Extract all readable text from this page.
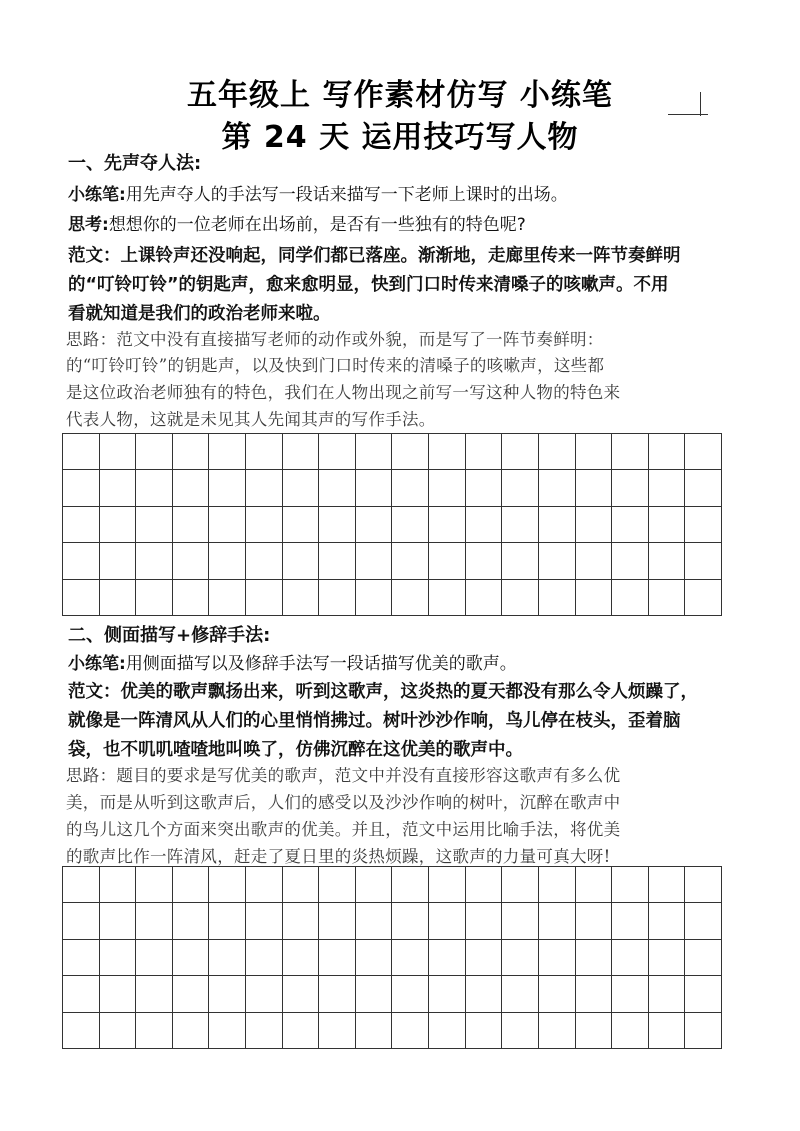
五年级上 写作素材仿写 小练笔
第 24 天 运用技巧写人物
一、先声夺人法:
小练笔:用先声夺人的手法写一段话来描写一下老师上课时的出场。
思考:想想你的一位老师在出场前，是否有一些独有的特色呢?
范文：上课铃声还没响起，同学们都已落座。渐渐地，走廊里传来一阵节奏鲜明
的“叮铃叮铃”的钥匙声，愈来愈明显，快到门口时传来清嗓子的咳嗽声。不用
看就知道是我们的政治老师来啦。
思路：范文中没有直接描写老师的动作或外貌，而是写了一阵节奏鲜明：
的“叮铃叮铃”的钥匙声，以及快到门口时传来的清嗓子的咳嗽声，这些都
是这位政治老师独有的特色，我们在人物出现之前写一写这种人物的特色来
代表人物，这就是未见其人先闻其声的写作手法。
二、侧面描写+修辞手法:
小练笔:用侧面描写以及修辞手法写一段话描写优美的歌声。
范文：优美的歌声飘扬出来，听到这歌声，这炎热的夏天都没有那么令人烦躁了，
就像是一阵清风从人们的心里悄悄拂过。树叶沙沙作响，鸟儿停在枝头，歪着脑
袋，也不叽叽喳喳地叫唤了，仿佛沉醉在这优美的歌声中。
思路：题目的要求是写优美的歌声，范文中并没有直接形容这歌声有多么优
美，而是从听到这歌声后，人们的感受以及沙沙作响的树叶，沉醉在歌声中
的鸟儿这几个方面来突出歌声的优美。并且，范文中运用比喻手法，将优美
的歌声比作一阵清风，赶走了夏日里的炎热烦躁，这歌声的力量可真大呀!
